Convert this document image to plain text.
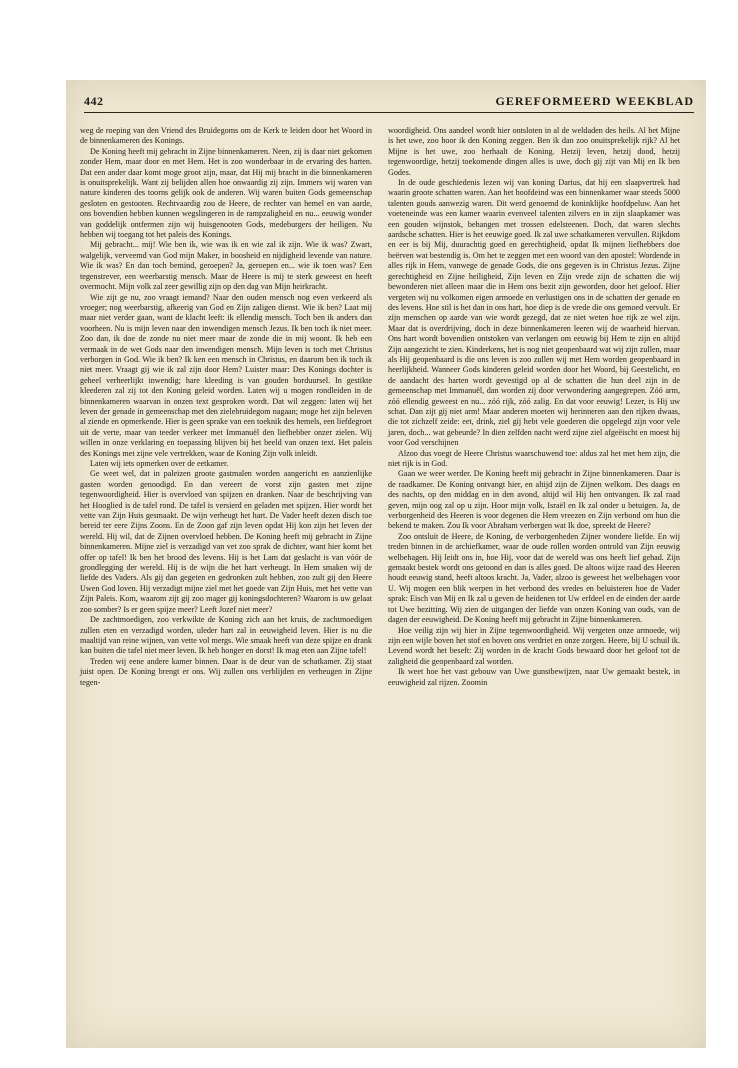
442	GEREFORMEERD WEEKBLAD

weg de roeping van den Vriend des Bruidegoms om de Kerk te leiden door het Woord in de binnenkameren des Konings.

De Koning heeft mij gebracht in Zijne binnenkameren. Neen, zij is daar niet gekomen zonder Hem, maar door en met Hem. Het is zoo wonderbaar in de ervaring des harten. Dat een ander daar komt moge groot zijn, maar, dat Hij mij bracht in die binnenkameren is onuitsprekelijk. Want zij belijden allen hoe onwaardig zij zijn. Immers wij waren van nature kinderen des toorns gelijk ook de anderen. Wij waren buiten Gods gemeenschap gesloten en gestooten. Rechtvaardig zou de Heere, de rechter van hemel en van aarde, ons bovendien hebben kunnen wegslingeren in de rampzaligheid en nu... eeuwig wonder van goddelijk ontfermen zijn wij huisgenooten Gods, medeburgers der heiligen. Nu hebben wij toegang tot het paleis des Konings.

Mij gebracht... mij! Wie ben ik, wie was ik en wie zal ik zijn. Wie ik was? Zwart, walgelijk, verveemd van God mijn Maker, in boosheid en nijdigheid levende van nature. Wie ik was? En dan toch bemind, geroepen? Ja, geroepen en... wie ik toen was? Een tegenstrever, een weerbarstig mensch. Maar de Heere is mij te sterk geweest en heeft overmocht. Mijn volk zal zeer gewillig zijn op den dag van Mijn heirkracht.

Wie zijt ge nu, zoo vraagt iemand? Naar den ouden mensch nog even verkeerd als vroeger; nog weerbarstig, afkeerig van God en Zijn zaligen dienst. Wie ik ben? Laat mij maar niet verder gaan, want de klacht leeft: ik ellendig mensch. Toch ben ik anders dan voorheen. Nu is mijn leven naar den inwendigen mensch Jezus. Ik ben toch ik niet meer. Zoo dan, ik doe de zonde nu niet meer maar de zonde die in mij woont. Ik heb een vermaak in de wet Gods naar den inwendigen mensch. Mijn leven is toch met Christus verborgen in God. Wie ik ben? Ik ken een mensch in Christus, en daarom ben ik toch ik niet meer. Vraagt gij wie ik zal zijn door Hem? Luister maar: Des Konings dochter is geheel verheerlijkt inwendig; hare kleeding is van gouden borduursel. In gestikte kleederen zal zij tot den Koning geleid worden. Laten wij u mogen rondleiden in de binnenkameren waarvan in onzen text gesproken wordt. Dat wil zeggen: laten wij het leven der genade in gemeenschap met den zielebruidegom nagaan; moge het zijn beleven al ziende en opmerkende. Hier is geen sprake van een toeknik des hemels, een liefdegroet uit de verte, maar van teeder verkeer met Immanuël den liefhebber onzer zielen. Wij willen in onze verklaring en toepassing blijven bij het beeld van onzen text. Het paleis des Konings met zijne vele vertrekken, waar de Koning Zijn volk inleidt.

Laten wij iets opmerken over de eetkamer.

Ge weet wel, dat in paleizen groote gastmalen worden aangericht en aanzienlijke gasten worden genoodigd. En dan vereert de vorst zijn gasten met zijne tegenwoordigheid. Hier is overvloed van spijzen en dranken. Naar de beschrijving van het Hooglied is de tafel rond. De tafel is versierd en geladen met spijzen. Hier wordt het vette van Zijn Huis gesmaakt. De wijn verheugt het hart. De Vader heeft dezen disch toe bereid ter eere Zijns Zoons. En de Zoon gaf zijn leven opdat Hij kon zijn het leven der wereld. Hij wil, dat de Zijnen overvloed hebben. De Koning heeft mij gebracht in Zijne binnenkameren. Mijne ziel is verzadigd van vet zoo sprak de dichter, want hier komt het offer op tafel! Ik ben het brood des levens. Hij is het Lam dat geslacht is van vóór de grondlegging der wereld. Hij is de wijn die het hart verheugt. In Hem smaken wij de liefde des Vaders. Als gij dan gegeten en gedronken zult hebben, zoo zult gij den Heere Uwen God loven. Hij verzadigt mijne ziel met het goede van Zijn Huis, met het vette van Zijn Paleis. Kom, waarom zijt gij zoo mager gij koningsdochteren? Waarom is uw gelaat zoo somber? Is er geen spijze meer? Leeft Jozef niet meer?

De zachtmoedigen, zoo verkwikte de Koning zich aan het kruis, de zachtmoedigen zullen eten en verzadigd worden, uleder hart zal in eeuwigheid leven. Hier is nu die maaltijd van reine wijnen, van vette vol mergs. Wie smaak heeft van deze spijze en drank kan buiten die tafel niet meer leven. Ik heb honger en dorst! Ik mag eten aan Zijne tafel!

Treden wij eene andere kamer binnen. Daar is de deur van de schatkamer. Zij staat juist open. De Koning brengt er ons. Wij zullen ons verblijden en verheugen in Zijne tegen-

woordigheid. Ons aandeel wordt hier ontsloten in al de weldaden des heils. Al het Mijne is het uwe, zoo hoor ik den Koning zeggen. Ben ik dan zoo onuitsprekelijk rijk? Al het Mijne is het uwe, zoo herhaalt de Koning. Hetzij leven, hetzij dood, hetzij tegenwoordige, hetzij toekomende dingen alles is uwe, doch gij zijt van Mij en Ik ben Godes.

In de oude geschiedenis lezen wij van koning Darius, dat hij een slaapvertrek had waarin groote schatten waren. Aan het hoofdeind was een binnenkamer waar steeds 5000 talenten gouds aanwezig waren. Dit werd genoemd de koninklijke hoofdpeluw. Aan het voeteneinde was een kamer waarin evenveel talenten zilvers en in zijn slaapkamer was een gouden wijnstok, behangen met trossen edelsteenen. Doch, dat waren slechts aardsche schatten. Hier is het eeuwige goed. Ik zal uwe schatkameren vervullen. Rijkdom en eer is bij Mij, duurachtig goed en gerechtigheid, opdat Ik mijnen liefhebbers doe beërven wat bestendig is. Om het te zeggen met een woord van den apostel: Wordende in alles rijk in Hem, vanwege de genade Gods, die ons gegeven is in Christus Jezus. Zijne gerechtigheid en Zijne heiligheid, Zijn leven en Zijn vrede zijn de schatten die wij bewonderen niet alleen maar die in Hem ons bezit zijn geworden, door het geloof. Hier vergeten wij nu volkomen eigen armoede en verlustigen ons in de schatten der genade en des levens. Hoe stil is het dan in ons hart, hoe diep is de vrede die ons gemoed vervult. Er zijn menschen op aarde van wie wordt gezegd, dat ze niet weten hoe rijk ze wel zijn. Maar dat is overdrijving, doch in deze binnenkameren leeren wij de waarheid hiervan. Ons hart wordt bovendien ontstoken van verlangen om eeuwig bij Hem te zijn en altijd Zijn aangezicht te zien. Kinderkens, het is nog niet geopenbaard wat wij zijn zullen, maar als Hij geopenbaard is die ons leven is zoo zullen wij met Hem worden geopenbaard in heerlijkheid. Wanneer Gods kinderen geleid worden door het Woord, bij Geestelicht, en de aandacht des harten wordt gevestigd op al de schatten die hun deel zijn in de gemeenschap met Immanuël, dan worden zij door verwondering aangegrepen. Zóó arm, zóó ellendig geweest en nu... zóó rijk, zóó zalig. En dat voor eeuwig! Lezer, is Hij uw schat. Dan zijt gij niet arm! Maar anderen moeten wij herinneren aan den rijken dwaas, die tot zichzelf zeide: eet, drink, ziel gij hebt vele goederen die opgelegd zijn voor vele jaren, doch... wat gebeurde? In dien zelfden nacht werd zijne ziel afgeëischt en moest hij voor God verschijnen

Alzoo dus voegt de Heere Christus waarschuwend toe: aldus zal het met hem zijn, die niet rijk is in God.

Gaan we weer werder. De Koning heeft mij gebracht in Zijne binnenkameren. Daar is de raadkamer. De Koning ontvangt hier, en altijd zijn de Zijnen welkom. Des daags en des nachts, op den middag en in den avond, altijd wil Hij hen ontvangen. Ik zal raad geven, mijn oog zal op u zijn. Hoor mijn volk, Israël en Ik zal onder u betuigen. Ja, de verborgenheid des Heeren is voor degenen die Hem vreezen en Zijn verbond om hun die bekend te maken. Zou Ik voor Abraham verbergen wat Ik doe, spreekt de Heere?

Zoo ontsluit de Heere, de Koning, de verborgenheden Zijner wondere liefde. En wij treden binnen in de archiefkamer, waar de oude rollen worden ontrold van Zijn eeuwig welbehagen. Hij leidt ons in, hoe Hij, voor dat de wereld was ons heeft lief gehad. Zijn gemaakt bestek wordt ons getoond en dan is alles goed. De altoos wijze raad des Heeren houdt eeuwig stand, heeft altoos kracht. Ja, Vader, alzoo is geweest het welbehagen voor U. Wij mogen een blik werpen in het verbond des vredes en beluisteren hoe de Vader sprak: Eisch van Mij en Ik zal u geven de heidenen tot Uw erfdeel en de einden der aarde tot Uwe bezitting. Wij zien de uitgangen der liefde van onzen Koning van ouds, van de dagen der eeuwigheid. De Koning heeft mij gebracht in Zijne binnenkameren.

Hoe veilig zijn wij hier in Zijne tegenwoordigheid. Wij vergeten onze armoede, wij zijn een wijle boven het stof en boven ons verdriet en onze zorgen. Heere, bij U schuil ik. Levend wordt het beseft: Zij worden in de kracht Gods bewaard door het geloof tot de zaligheid die geopenbaard zal worden.

Ik weet hoe het vast gebouw van Uwe gunstbewijzen, naar Uw gemaakt bestek, in eeuwigheid zal rijzen. Zoomin
